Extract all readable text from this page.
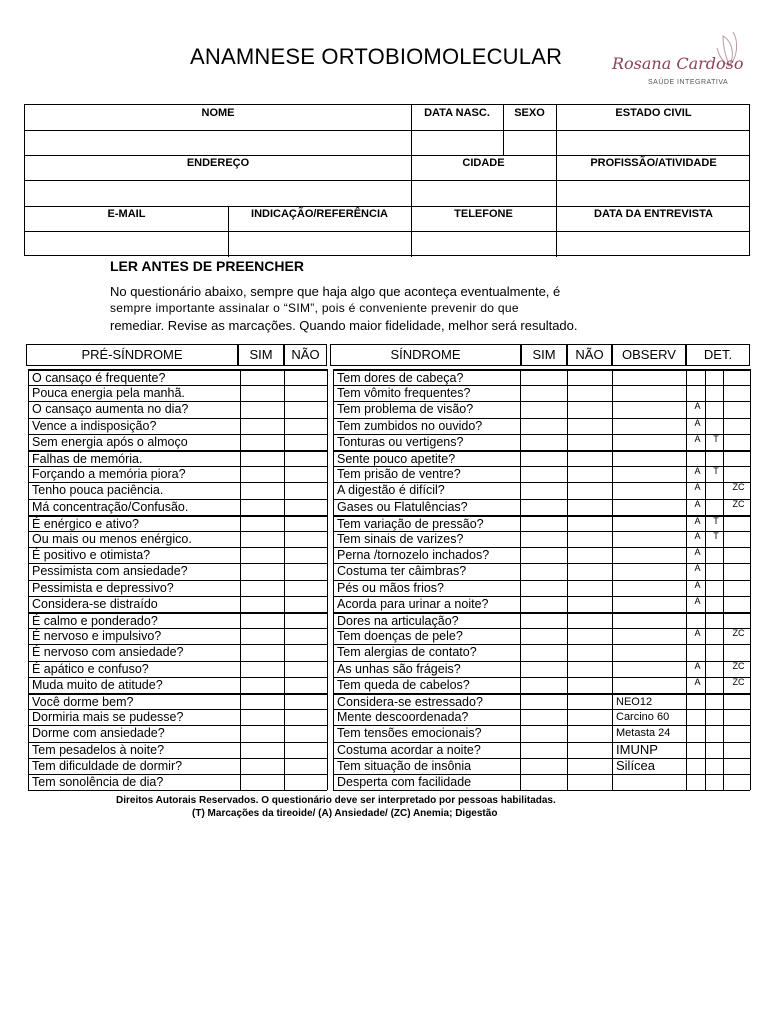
ANAMNESE ORTOBIOMOLECULAR	Rosana Cardoso
SAÚDE INTEGRATIVA
NOME	DATA NASC.	SEXO	ESTADO CIVIL
ENDEREÇO	CIDADE	PROFISSÃO/ATIVIDADE
E-MAIL	INDICAÇÃO/REFERÊNCIA	TELEFONE	DATA DA ENTREVISTA
LER ANTES DE PREENCHER
No questionário abaixo, sempre que haja algo que aconteça eventualmente, é
sempre importante assinalar o “SIM”, pois é conveniente prevenir do que
remediar. Revise as marcações. Quando maior fidelidade, melhor será resultado.
PRÉ-SÍNDROME	SIM	NÃO	SÍNDROME	SIM	NÃO	OBSERV	DET.
O cansaço é frequente?	Tem dores de cabeça?
Pouca energia pela manhã.	Tem vômito frequentes?
O cansaço aumenta no dia?	Tem problema de visão?	A
Vence a indisposição?	Tem zumbidos no ouvido?	A
Sem energia após o almoço	Tonturas ou vertigens?	A	T
Falhas de memória.	Sente pouco apetite?
Forçando a memória piora?	Tem prisão de ventre?	A	T
Tenho pouca paciência.	A digestão é difícil?	A	ZC
Má concentração/Confusão.	Gases ou Flatulências?	A	ZC
É enérgico e ativo?	Tem variação de pressão?	A	T
Ou mais ou menos enérgico.	Tem sinais de varizes?	A	T
É positivo e otimista?	Perna /tornozelo inchados?	A
Pessimista com ansiedade?	Costuma ter câimbras?	A
Pessimista e depressivo?	Pés ou mãos frios?	A
Considera-se distraído	Acorda para urinar a noite?	A
É calmo e ponderado?	Dores na articulação?
É nervoso e impulsivo?	Tem doenças de pele?	A	ZC
É nervoso com ansiedade?	Tem alergias de contato?
É apático e confuso?	As unhas são frágeis?	A	ZC
Muda muito de atitude?	Tem queda de cabelos?	A	ZC
Você dorme bem?	Considera-se estressado?	NEO12
Dormiria mais se pudesse?	Mente descoordenada?	Carcino 60
Dorme com ansiedade?	Tem tensões emocionais?	Metasta 24
Tem pesadelos à noite?	Costuma acordar a noite?	IMUNP
Tem dificuldade de dormir?	Tem situação de insônia	Silícea
Tem sonolência de dia?	Desperta com facilidade
Direitos Autorais Reservados. O questionário deve ser interpretado por pessoas habilitadas.
(T) Marcações da tireoide/ (A) Ansiedade/ (ZC) Anemia; Digestão
